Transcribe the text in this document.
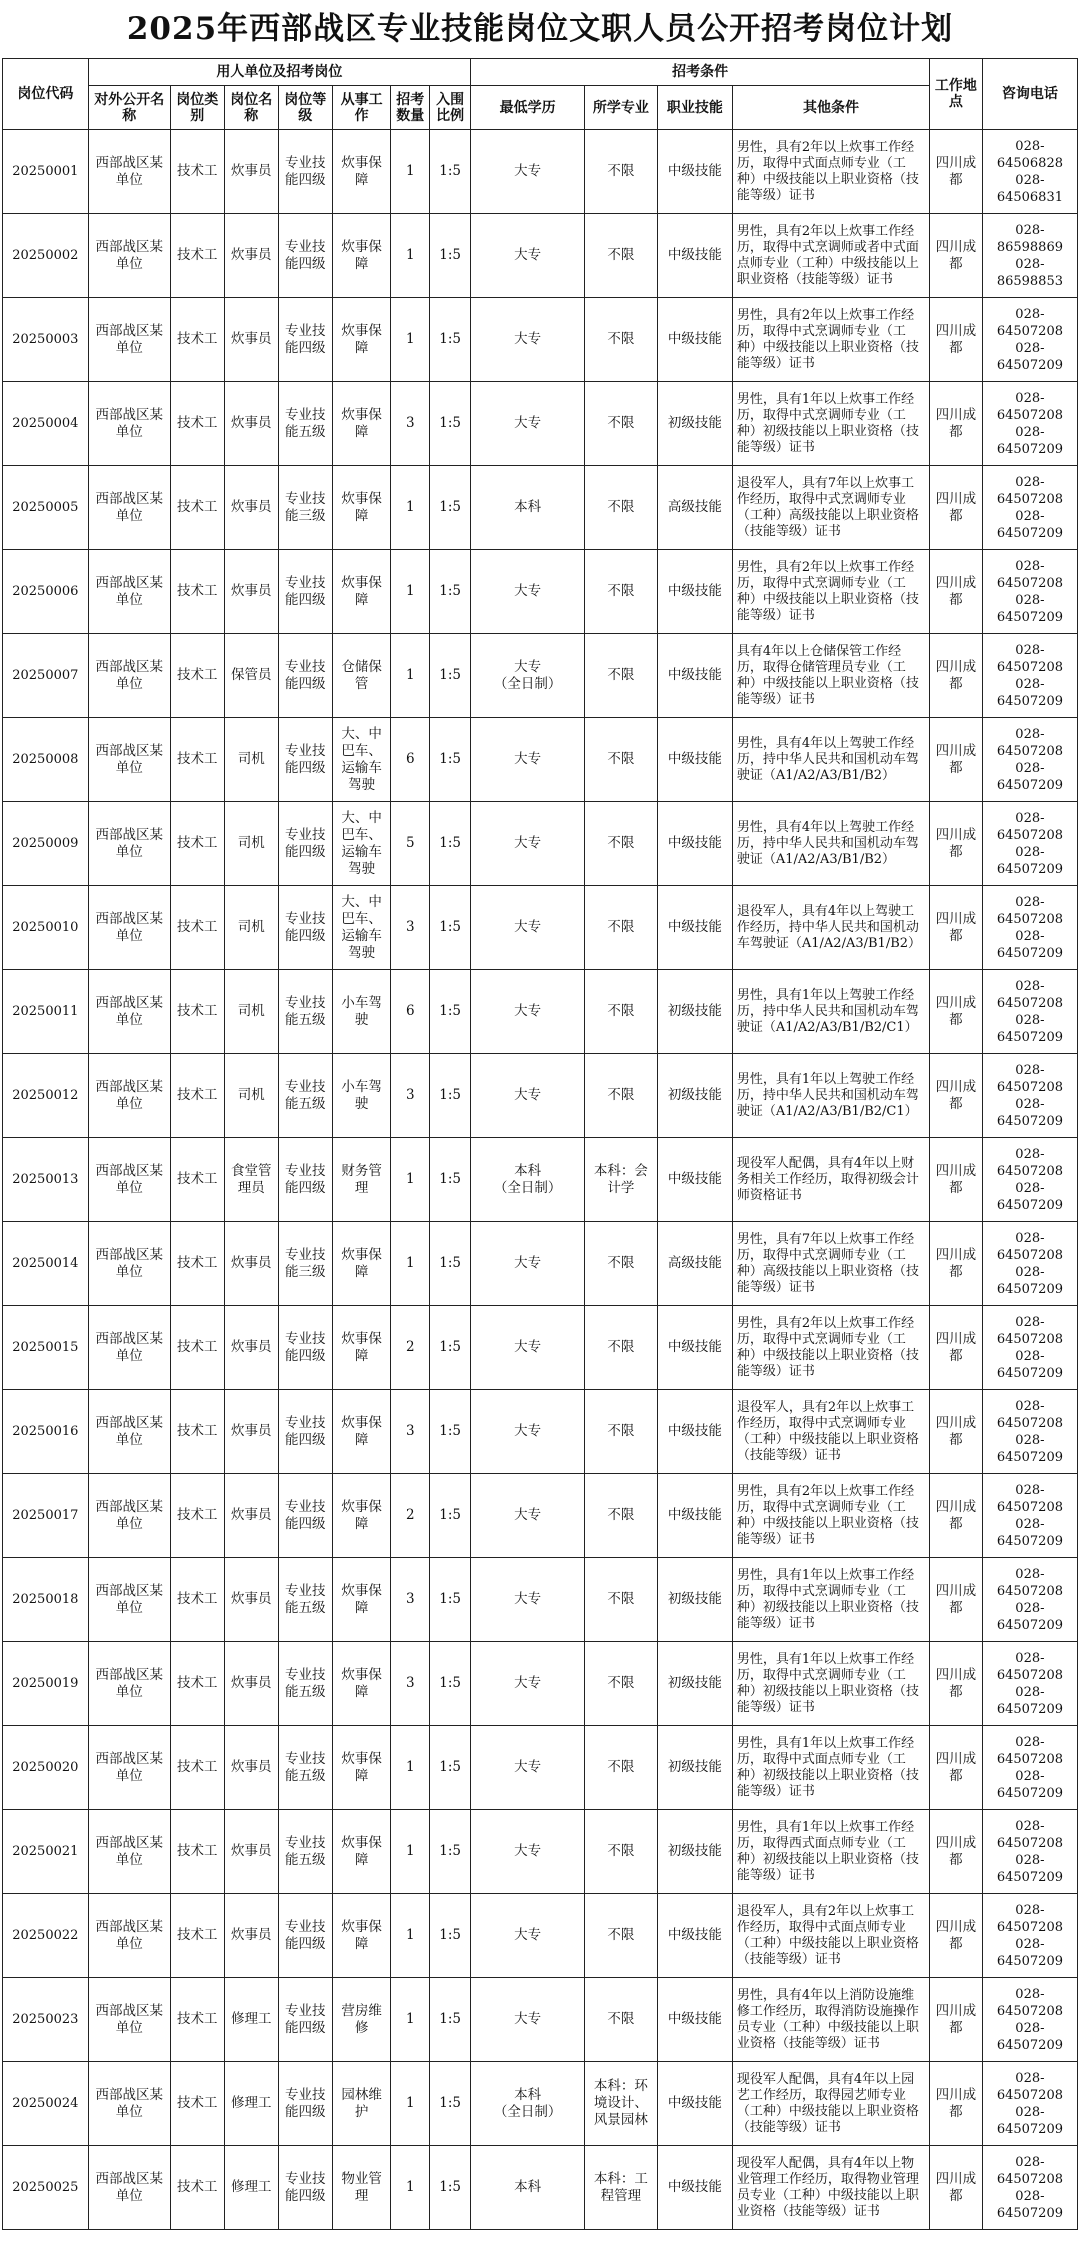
2025年西部战区专业技能岗位文职人员公开招考岗位计划
岗位代码	用人单位及招考岗位							招考条件				工作地点	咨询电话
	对外公开名　称	岗位类别	岗位名称	岗位等级	从事工作	招考数量	入围比例	最低学历	所学专业	职业技能	其他条件		
20250001	西部战区某单位	技术工	炊事员	专业技能四级	炊事保障	1	1:5	大专	不限	中级技能	男性，具有2年以上炊事工作经历，取得中式面点师专业（工种）中级技能以上职业资格（技能等级）证书	四川成都	028-64506828
028-64506831
20250002	西部战区某单位	技术工	炊事员	专业技能四级	炊事保障	1	1:5	大专	不限	中级技能	男性，具有2年以上炊事工作经历，取得中式烹调师或者中式面点师专业（工种）中级技能以上职业资格（技能等级）证书	四川成都	028-86598869
028-86598853
20250003	西部战区某单位	技术工	炊事员	专业技能四级	炊事保障	1	1:5	大专	不限	中级技能	男性，具有2年以上炊事工作经历，取得中式烹调师专业（工种）中级技能以上职业资格（技能等级）证书	四川成都	028-64507208
028-64507209
20250004	西部战区某单位	技术工	炊事员	专业技能五级	炊事保障	3	1:5	大专	不限	初级技能	男性，具有1年以上炊事工作经历，取得中式烹调师专业（工种）初级技能以上职业资格（技能等级）证书	四川成都	028-64507208
028-64507209
20250005	西部战区某单位	技术工	炊事员	专业技能三级	炊事保障	1	1:5	本科	不限	高级技能	退役军人，具有7年以上炊事工作经历，取得中式烹调师专业（工种）高级技能以上职业资格（技能等级）证书	四川成都	028-64507208
028-64507209
20250006	西部战区某单位	技术工	炊事员	专业技能四级	炊事保障	1	1:5	大专	不限	中级技能	男性，具有2年以上炊事工作经历，取得中式烹调师专业（工种）中级技能以上职业资格（技能等级）证书	四川成都	028-64507208
028-64507209
20250007	西部战区某单位	技术工	保管员	专业技能四级	仓储保管	1	1:5	大专
（全日制）	不限	中级技能	具有4年以上仓储保管工作经历，取得仓储管理员专业（工种）中级技能以上职业资格（技能等级）证书	四川成都	028-64507208
028-64507209
20250008	西部战区某单位	技术工	司机	专业技能四级	大、中巴车、运输车驾驶	6	1:5	大专	不限	中级技能	男性，具有4年以上驾驶工作经历，持中华人民共和国机动车驾驶证（A1/A2/A3/B1/B2）	四川成都	028-64507208
028-64507209
20250009	西部战区某单位	技术工	司机	专业技能四级	大、中巴车、运输车驾驶	5	1:5	大专	不限	中级技能	男性，具有4年以上驾驶工作经历，持中华人民共和国机动车驾驶证（A1/A2/A3/B1/B2）	四川成都	028-64507208
028-64507209
20250010	西部战区某单位	技术工	司机	专业技能四级	大、中巴车、运输车驾驶	3	1:5	大专	不限	中级技能	退役军人，具有4年以上驾驶工作经历，持中华人民共和国机动车驾驶证（A1/A2/A3/B1/B2）	四川成都	028-64507208
028-64507209
20250011	西部战区某单位	技术工	司机	专业技能五级	小车驾驶	6	1:5	大专	不限	初级技能	男性，具有1年以上驾驶工作经历，持中华人民共和国机动车驾驶证（A1/A2/A3/B1/B2/C1）	四川成都	028-64507208
028-64507209
20250012	西部战区某单位	技术工	司机	专业技能五级	小车驾驶	3	1:5	大专	不限	初级技能	男性，具有1年以上驾驶工作经历，持中华人民共和国机动车驾驶证（A1/A2/A3/B1/B2/C1）	四川成都	028-64507208
028-64507209
20250013	西部战区某单位	技术工	食堂管理员	专业技能四级	财务管理	1	1:5	本科
（全日制）	本科：会计学	中级技能	现役军人配偶，具有4年以上财务相关工作经历，取得初级会计师资格证书	四川成都	028-64507208
028-64507209
20250014	西部战区某单位	技术工	炊事员	专业技能三级	炊事保障	1	1:5	大专	不限	高级技能	男性，具有7年以上炊事工作经历，取得中式烹调师专业（工种）高级技能以上职业资格（技能等级）证书	四川成都	028-64507208
028-64507209
20250015	西部战区某单位	技术工	炊事员	专业技能四级	炊事保障	2	1:5	大专	不限	中级技能	男性，具有2年以上炊事工作经历，取得中式烹调师专业（工种）中级技能以上职业资格（技能等级）证书	四川成都	028-64507208
028-64507209
20250016	西部战区某单位	技术工	炊事员	专业技能四级	炊事保障	3	1:5	大专	不限	中级技能	退役军人，具有2年以上炊事工作经历，取得中式烹调师专业（工种）中级技能以上职业资格（技能等级）证书	四川成都	028-64507208
028-64507209
20250017	西部战区某单位	技术工	炊事员	专业技能四级	炊事保障	2	1:5	大专	不限	中级技能	男性，具有2年以上炊事工作经历，取得中式烹调师专业（工种）中级技能以上职业资格（技能等级）证书	四川成都	028-64507208
028-64507209
20250018	西部战区某单位	技术工	炊事员	专业技能五级	炊事保障	3	1:5	大专	不限	初级技能	男性，具有1年以上炊事工作经历，取得中式烹调师专业（工种）初级技能以上职业资格（技能等级）证书	四川成都	028-64507208
028-64507209
20250019	西部战区某单位	技术工	炊事员	专业技能五级	炊事保障	3	1:5	大专	不限	初级技能	男性，具有1年以上炊事工作经历，取得中式烹调师专业（工种）初级技能以上职业资格（技能等级）证书	四川成都	028-64507208
028-64507209
20250020	西部战区某单位	技术工	炊事员	专业技能五级	炊事保障	1	1:5	大专	不限	初级技能	男性，具有1年以上炊事工作经历，取得中式面点师专业（工种）初级技能以上职业资格（技能等级）证书	四川成都	028-64507208
028-64507209
20250021	西部战区某单位	技术工	炊事员	专业技能五级	炊事保障	1	1:5	大专	不限	初级技能	男性，具有1年以上炊事工作经历，取得西式面点师专业（工种）初级技能以上职业资格（技能等级）证书	四川成都	028-64507208
028-64507209
20250022	西部战区某单位	技术工	炊事员	专业技能四级	炊事保障	1	1:5	大专	不限	中级技能	退役军人，具有2年以上炊事工作经历，取得中式面点师专业（工种）中级技能以上职业资格（技能等级）证书	四川成都	028-64507208
028-64507209
20250023	西部战区某单位	技术工	修理工	专业技能四级	营房维修	1	1:5	大专	不限	中级技能	男性，具有4年以上消防设施维修工作经历，取得消防设施操作员专业（工种）中级技能以上职业资格（技能等级）证书	四川成都	028-64507208
028-64507209
20250024	西部战区某单位	技术工	修理工	专业技能四级	园林维护	1	1:5	本科
（全日制）	本科：环境设计、风景园林	中级技能	现役军人配偶，具有4年以上园艺工作经历，取得园艺师专业（工种）中级技能以上职业资格（技能等级）证书	四川成都	028-64507208
028-64507209
20250025	西部战区某单位	技术工	修理工	专业技能四级	物业管理	1	1:5	本科	本科：工程管理	中级技能	现役军人配偶，具有4年以上物业管理工作经历，取得物业管理员专业（工种）中级技能以上职业资格（技能等级）证书	四川成都	028-64507208
028-64507209
